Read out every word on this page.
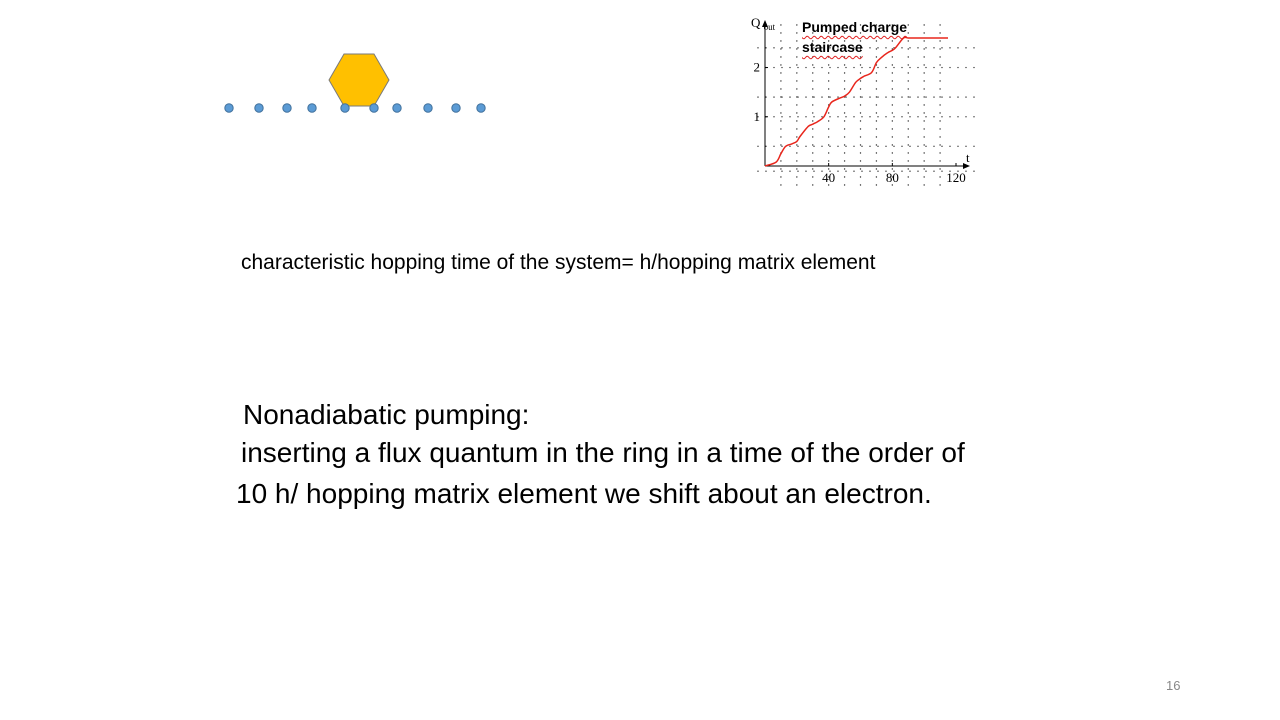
40	80	120
1
2
Q $_{out}$
t
Pumped charge
staircase
characteristic hopping time of the system= h/hopping matrix element
Nonadiabatic pumping:
inserting a flux quantum in the ring in a time of the order of
10 h/ hopping matrix element we shift about an electron.
16
